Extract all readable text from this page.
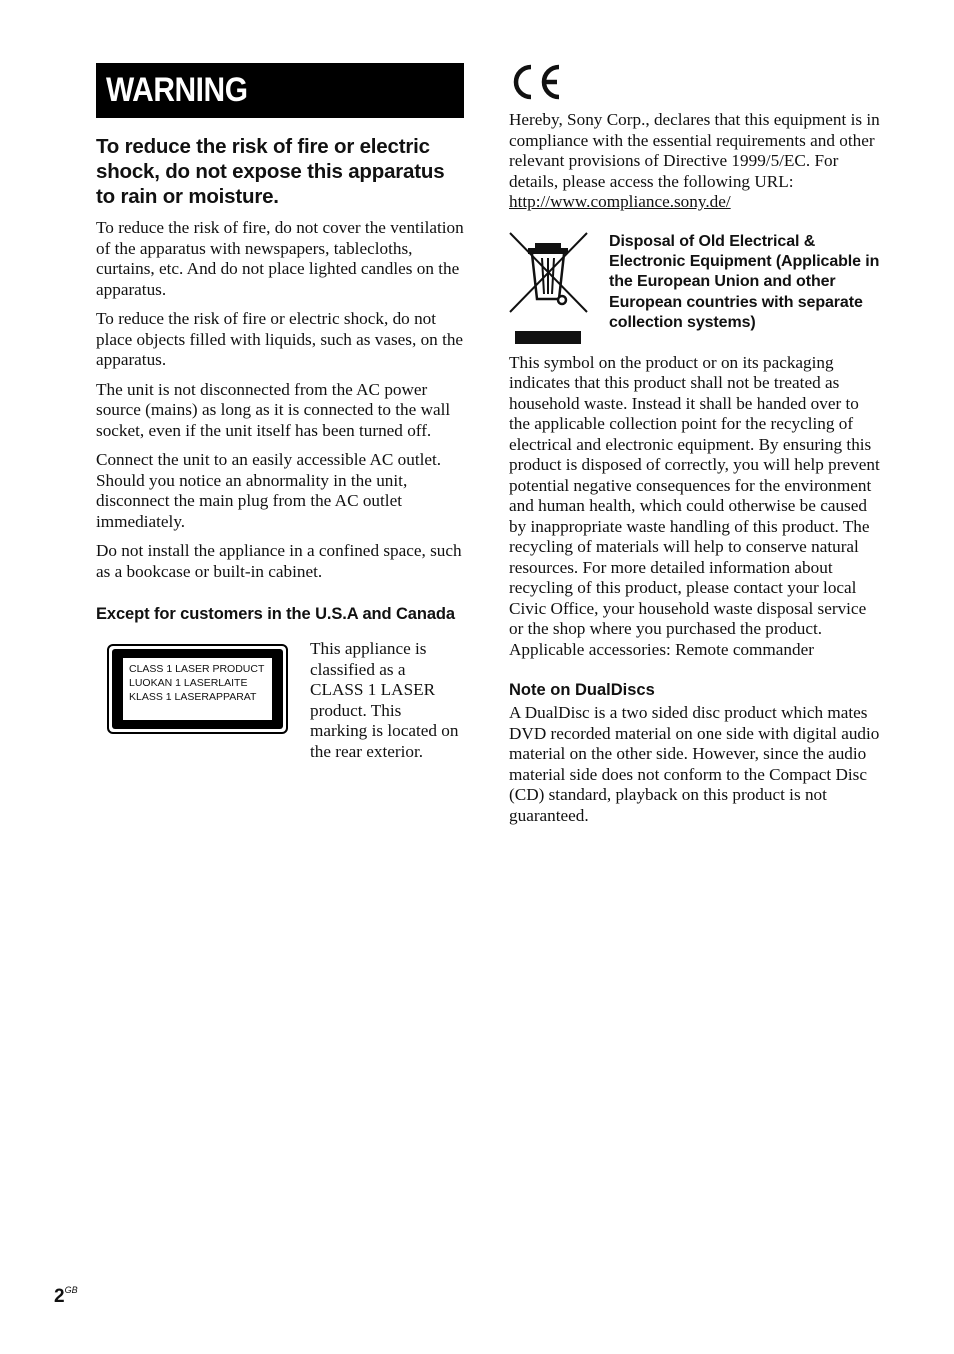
WARNING
To reduce the risk of fire or electric shock, do not expose this apparatus to rain or moisture.

To reduce the risk of fire, do not cover the ventilation of the apparatus with newspapers, tablecloths, curtains, etc. And do not place lighted candles on the apparatus.

To reduce the risk of fire or electric shock, do not place objects filled with liquids, such as vases, on the apparatus.

The unit is not disconnected from the AC power source (mains) as long as it is connected to the wall socket, even if the unit itself has been turned off.

Connect the unit to an easily accessible AC outlet. Should you notice an abnormality in the unit, disconnect the main plug from the AC outlet immediately.

Do not install the appliance in a confined space, such as a bookcase or built-in cabinet.

Except for customers in the U.S.A and Canada
CLASS 1 LASER PRODUCT
LUOKAN 1 LASERLAITE
KLASS 1 LASERAPPARAT
This appliance is classified as a CLASS 1 LASER product. This marking is located on the rear exterior.

Hereby, Sony Corp., declares that this equipment is in compliance with the essential requirements and other relevant provisions of Directive 1999/5/EC. For details, please access the following URL:
http://www.compliance.sony.de/

Disposal of Old Electrical & Electronic Equipment (Applicable in the European Union and other European countries with separate collection systems)

This symbol on the product or on its packaging indicates that this product shall not be treated as household waste. Instead it shall be handed over to the applicable collection point for the recycling of electrical and electronic equipment. By ensuring this product is disposed of correctly, you will help prevent potential negative consequences for the environment and human health, which could otherwise be caused by inappropriate waste handling of this product. The recycling of materials will help to conserve natural resources. For more detailed information about recycling of this product, please contact your local Civic Office, your household waste disposal service or the shop where you purchased the product.
Applicable accessories: Remote commander

Note on DualDiscs

A DualDisc is a two sided disc product which mates DVD recorded material on one side with digital audio material on the other side. However, since the audio material side does not conform to the Compact Disc (CD) standard, playback on this product is not guaranteed.

$2^{GB}$
